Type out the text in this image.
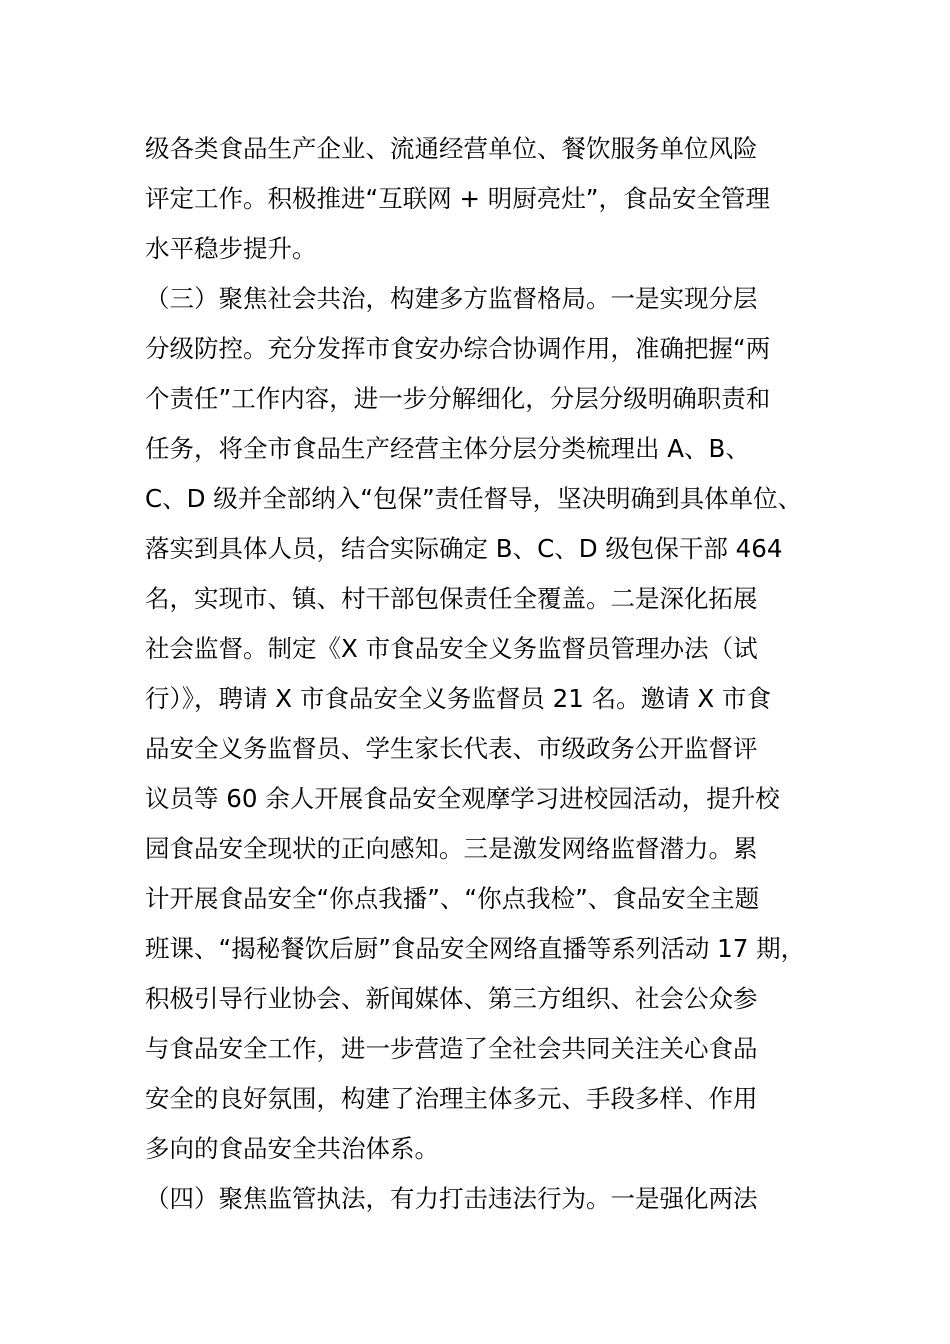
级各类食品生产企业、流通经营单位、餐饮服务单位风险
评定工作。积极推进“互联网 + 明厨亮灶”，食品安全管理
水平稳步提升。
（三）聚焦社会共治，构建多方监督格局。一是实现分层
分级防控。充分发挥市食安办综合协调作用，准确把握“两
个责任”工作内容，进一步分解细化，分层分级明确职责和
任务，将全市食品生产经营主体分层分类梳理出 A、B、
C、D 级并全部纳入“包保”责任督导，坚决明确到具体单位、
落实到具体人员，结合实际确定 B、C、D 级包保干部 464
名，实现市、镇、村干部包保责任全覆盖。二是深化拓展
社会监督。制定《X 市食品安全义务监督员管理办法（试
行）》，聘请 X 市食品安全义务监督员 21 名。邀请 X 市食
品安全义务监督员、学生家长代表、市级政务公开监督评
议员等 60 余人开展食品安全观摩学习进校园活动，提升校
园食品安全现状的正向感知。三是激发网络监督潜力。累
计开展食品安全“你点我播”、“你点我检”、食品安全主题
班课、“揭秘餐饮后厨”食品安全网络直播等系列活动 17 期，
积极引导行业协会、新闻媒体、第三方组织、社会公众参
与食品安全工作，进一步营造了全社会共同关注关心食品
安全的良好氛围，构建了治理主体多元、手段多样、作用
多向的食品安全共治体系。
（四）聚焦监管执法，有力打击违法行为。一是强化两法
